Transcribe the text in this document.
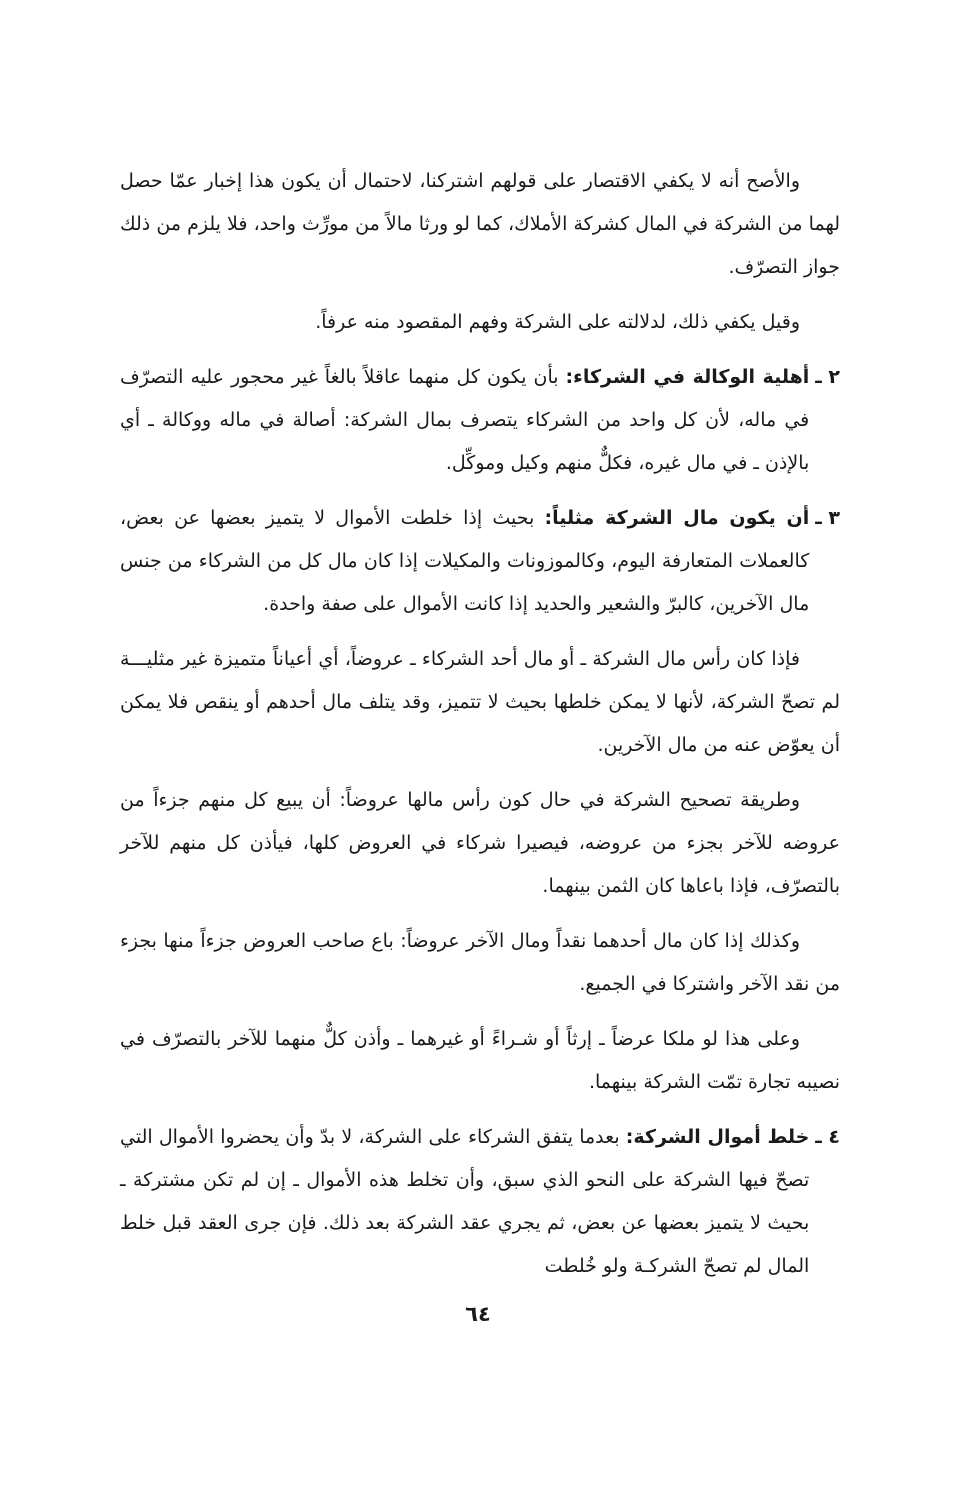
والأصح أنه لا يكفي الاقتصار على قولهم اشتركنا، لاحتمال أن يكون هذا إخبار عمّا حصل لهما من الشركة في المال كشركة الأملاك، كما لو ورثا مالاً من مورِّث واحد، فلا يلزم من ذلك جواز التصرّف.

وقيل يكفي ذلك، لدلالته على الشركة وفهم المقصود منه عرفاً.

٢ ـ
أهلية الوكالة في الشركاء: بأن يكون كل منهما عاقلاً بالغاً غير محجور عليه التصرّف في ماله، لأن كل واحد من الشركاء يتصرف بمال الشركة: أصالة في ماله ووكالة ـ أي بالإذن ـ في مال غيره، فكلٌّ منهم وكيل وموكِّل.
٣ ـ
أن يكون مال الشركة مثلياً: بحيث إذا خلطت الأموال لا يتميز بعضها عن بعض، كالعملات المتعارفة اليوم، وكالموزونات والمكيلات إذا كان مال كل من الشركاء من جنس مال الآخرين، كالبرّ والشعير والحديد إذا كانت الأموال على صفة واحدة.

فإذا كان رأس مال الشركة ـ أو مال أحد الشركاء ـ عروضاً، أي أعياناً متميزة غير مثليـــة لم تصحّ الشركة، لأنها لا يمكن خلطها بحيث لا تتميز، وقد يتلف مال أحدهم أو ينقص فلا يمكن أن يعوّض عنه من مال الآخرين.

وطريقة تصحيح الشركة في حال كون رأس مالها عروضاً: أن يبيع كل منهم جزءاً من عروضه للآخر بجزء من عروضه، فيصيرا شركاء في العروض كلها، فيأذن كل منهم للآخر بالتصرّف، فإذا باعاها كان الثمن بينهما.

وكذلك إذا كان مال أحدهما نقداً ومال الآخر عروضاً: باع صاحب العروض جزءاً منها بجزء من نقد الآخر واشتركا في الجميع.

وعلى هذا لو ملكا عرضاً ـ إرثاً أو شـراءً أو غيرهما ـ وأذن كلٌّ منهما للآخر بالتصرّف في نصيبه تجارة تمّت الشركة بينهما.

٤ ـ
خلط أموال الشركة: بعدما يتفق الشركاء على الشركة، لا بدّ وأن يحضروا الأموال التي تصحّ فيها الشركة على النحو الذي سبق، وأن تخلط هذه الأموال ـ إن لم تكن مشتركة ـ بحيث لا يتميز بعضها عن بعض، ثم يجري عقد الشركة بعد ذلك. فإن جرى العقد قبل خلط المال لم تصحّ الشركـة ولو خُلطت
٦٤
